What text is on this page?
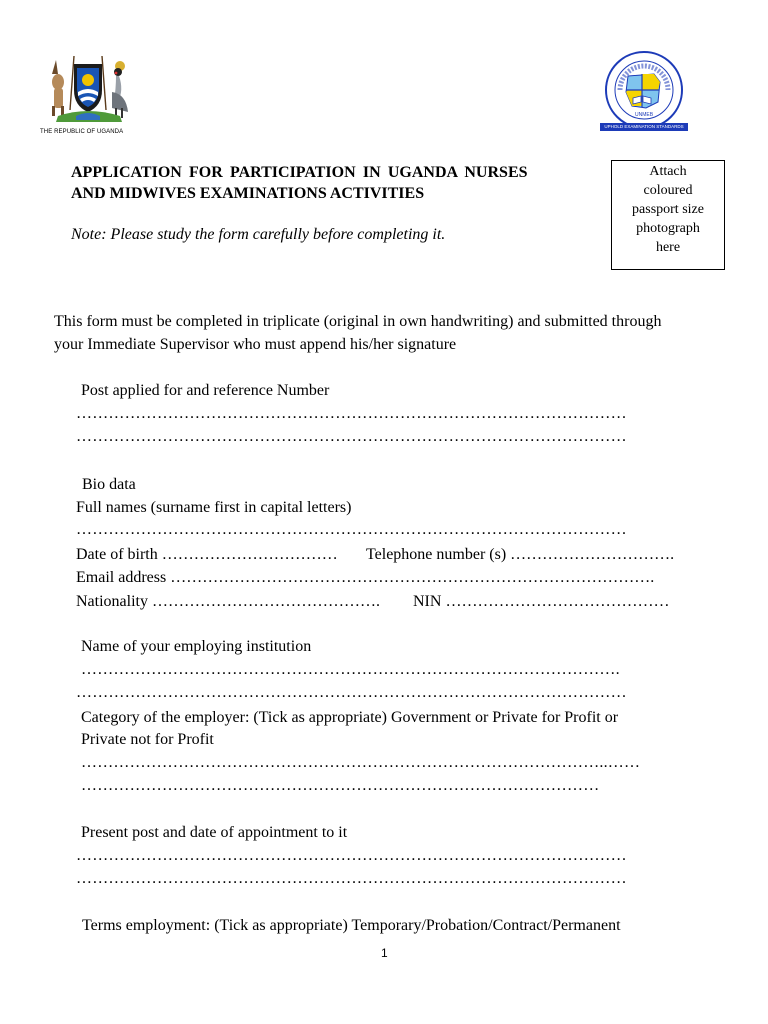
THE REPUBLIC OF UGANDA
UNMEB
UPHOLD EXAMINATION STANDARDS
APPLICATION FOR PARTICIPATION IN UGANDA NURSES
AND MIDWIVES EXAMINATIONS ACTIVITIES
Note: Please study the form carefully before completing it.
Attach
coloured
passport size
photograph
here
This form must be completed in triplicate (original in own handwriting) and submitted through
your Immediate Supervisor who must append his/her signature
Post applied for and reference Number
…………………………………………………………………………………………
…………………………………………………………………………………………
Bio data
Full names (surname first in capital letters)
…………………………………………………………………………………………
Date of birth …………………………… Telephone number (s) ………………………….
Email address ……………………………………………………………………………….
Nationality ……………………………………. NIN ……………………………………
Name of your employing institution
……………………………………………………………………………………….
…………………………………………………………………………………………
Category of the employer: (Tick as appropriate) Government or Private for Profit or
Private not for Profit
……………………………………………………………………………………..……
……………………………………………………………………………………
Present post and date of appointment to it
…………………………………………………………………………………………
…………………………………………………………………………………………
Terms employment: (Tick as appropriate) Temporary/Probation/Contract/Permanent
1
